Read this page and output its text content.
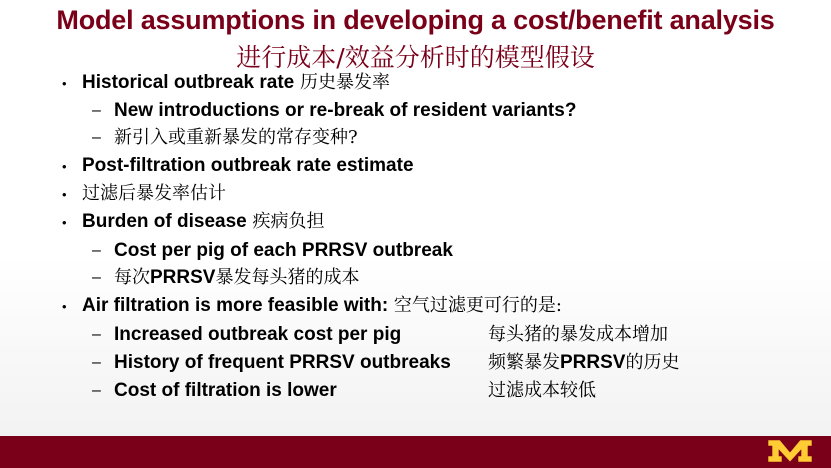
Model assumptions in developing a cost/benefit analysis
进行成本/效益分析时的模型假设
• Historical outbreak rate 历史暴发率
– New introductions or re-break of resident variants?
– 新引入或重新暴发的常存变种?
• Post-filtration outbreak rate estimate
• 过滤后暴发率估计
• Burden of disease 疾病负担
– Cost per pig of each PRRSV outbreak
– 每次PRRSV暴发每头猪的成本
• Air filtration is more feasible with: 空气过滤更可行的是:
– Increased outbreak cost per pig	每头猪的暴发成本增加
– History of frequent PRRSV outbreaks 频繁暴发PRRSV的历史
– Cost of filtration is lower	过滤成本较低
